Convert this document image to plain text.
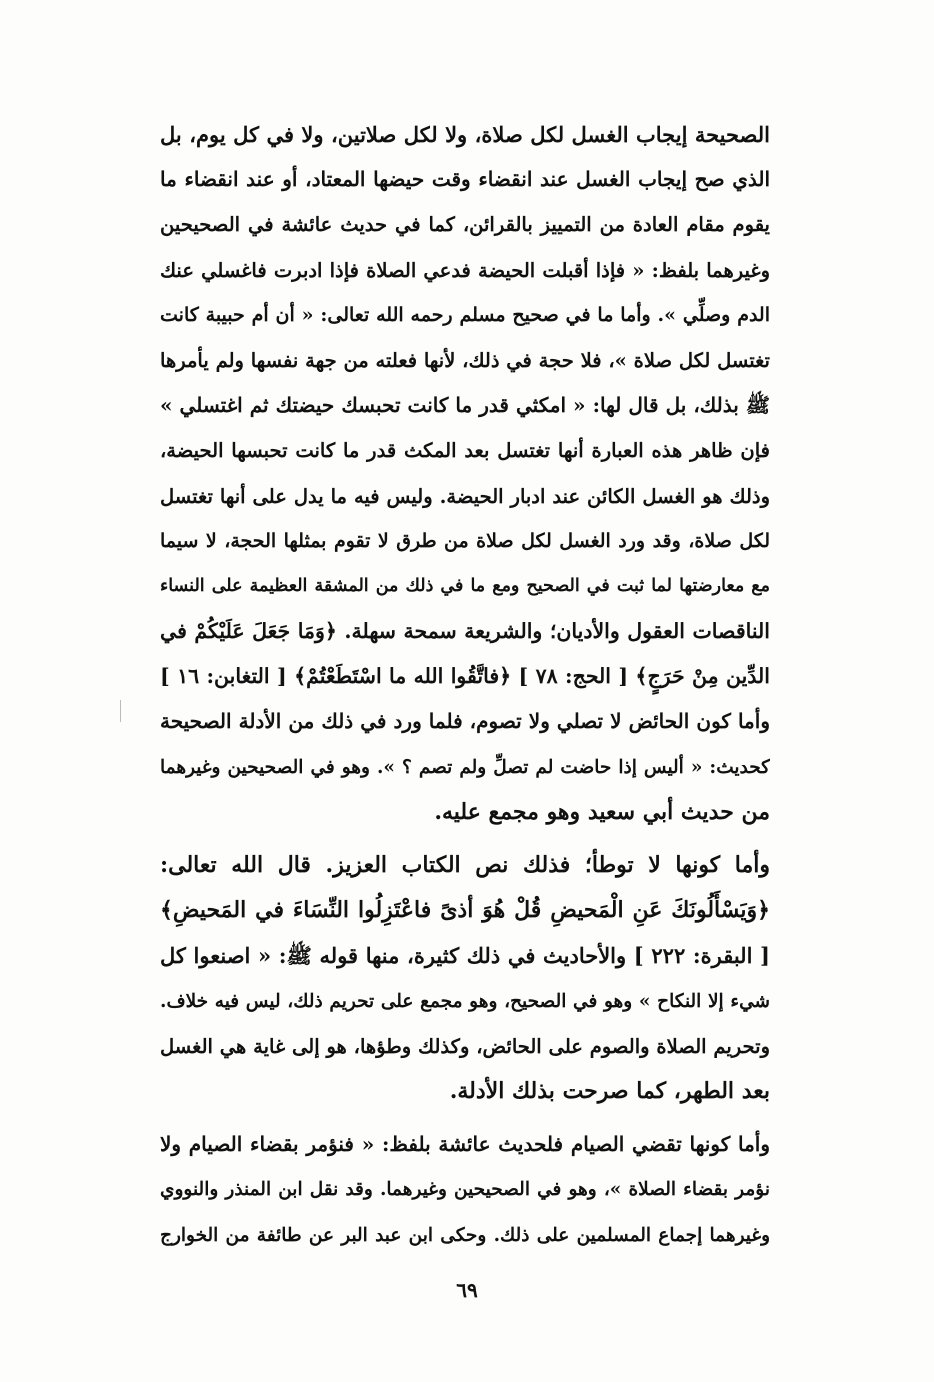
الصحيحة إيجاب الغسل لكل صلاة، ولا لكل صلاتين، ولا في كل يوم، بل
الذي صح إيجاب الغسل عند انقضاء وقت حيضها المعتاد، أو عند انقضاء ما
يقوم مقام العادة من التمييز بالقرائن، كما في حديث عائشة في الصحيحين
وغيرهما بلفظ: « فإذا أقبلت الحيضة فدعي الصلاة فإذا ادبرت فاغسلي عنك
الدم وصلِّي ». وأما ما في صحيح مسلم رحمه الله تعالى: « أن أم حبيبة كانت
تغتسل لكل صلاة »، فلا حجة في ذلك، لأنها فعلته من جهة نفسها ولم يأمرها
ﷺ بذلك، بل قال لها: « امكثي قدر ما كانت تحبسك حيضتك ثم اغتسلي »
فإن ظاهر هذه العبارة أنها تغتسل بعد المكث قدر ما كانت تحبسها الحيضة،
وذلك هو الغسل الكائن عند ادبار الحيضة. وليس فيه ما يدل على أنها تغتسل
لكل صلاة، وقد ورد الغسل لكل صلاة من طرق لا تقوم بمثلها الحجة، لا سيما
مع معارضتها لما ثبت في الصحيح ومع ما في ذلك من المشقة العظيمة على النساء
الناقصات العقول والأديان؛ والشريعة سمحة سهلة. ﴿وَمَا جَعَلَ عَلَيْكُمْ في
الدِّين مِنْ حَرَجٍ﴾ [ الحج: ٧٨ ] ﴿فاتَّقُوا الله ما اسْتَطَعْتُمْ﴾ [ التغابن: ١٦ ]
وأما كون الحائض لا تصلي ولا تصوم، فلما ورد في ذلك من الأدلة الصحيحة
كحديث: « أليس إذا حاضت لم تصلِّ ولم تصم ؟ ». وهو في الصحيحين وغيرهما
من حديث أبي سعيد وهو مجمع عليه.
وأما كونها لا توطأ؛ فذلك نص الكتاب العزيز. قال الله تعالى:
﴿وَيَسْأَلُونَكَ عَنِ الْمَحيضِ قُلْ هُوَ أذىً فاعْتَزِلُوا النِّسَاءَ في المَحيضِ﴾
[ البقرة: ٢٢٢ ] والأحاديث في ذلك كثيرة، منها قوله ﷺ: « اصنعوا كل
شيء إلا النكاح » وهو في الصحيح، وهو مجمع على تحريم ذلك، ليس فيه خلاف.
وتحريم الصلاة والصوم على الحائض، وكذلك وطؤها، هو إلى غاية هي الغسل
بعد الطهر، كما صرحت بذلك الأدلة.
وأما كونها تقضي الصيام فلحديث عائشة بلفظ: « فنؤمر بقضاء الصيام ولا
نؤمر بقضاء الصلاة »، وهو في الصحيحين وغيرهما. وقد نقل ابن المنذر والنووي
وغيرهما إجماع المسلمين على ذلك. وحكى ابن عبد البر عن طائفة من الخوارج
٦٩
